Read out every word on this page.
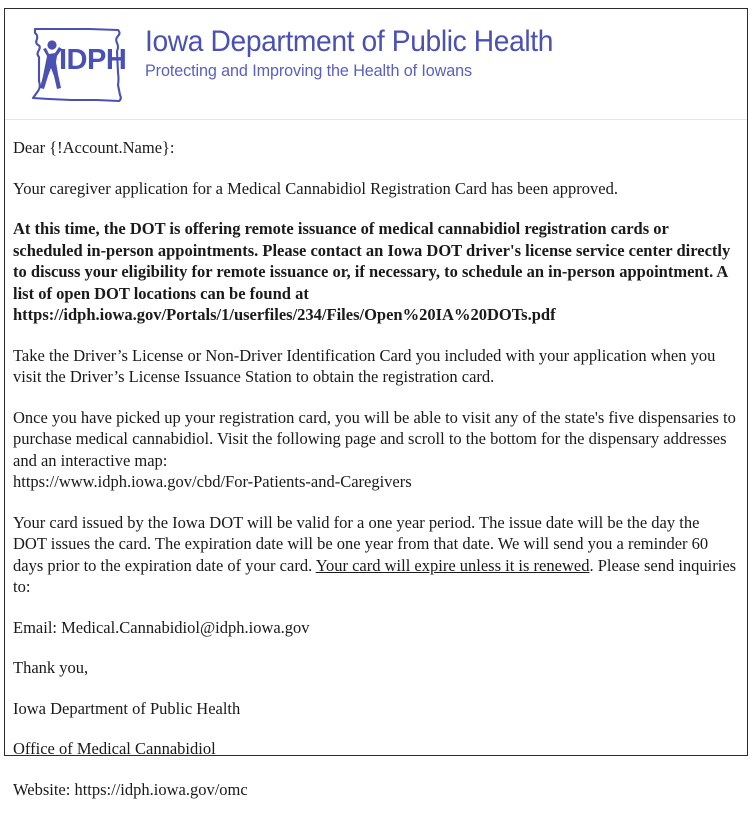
IDPH
Iowa Department of Public Health
Protecting and Improving the Health of Iowans

Dear {!Account.Name}:

Your caregiver application for a Medical Cannabidiol Registration Card has been approved.

At this time, the DOT is offering remote issuance of medical cannabidiol registration cards or scheduled in-person appointments. Please contact an Iowa DOT driver's license service center directly to discuss your eligibility for remote issuance or, if necessary, to schedule an in-person appointment. A list of open DOT locations can be found at https://idph.iowa.gov/Portals/1/userfiles/234/Files/Open%20IA%20DOTs.pdf

Take the Driver’s License or Non-Driver Identification Card you included with your application when you visit the Driver’s License Issuance Station to obtain the registration card.

Once you have picked up your registration card, you will be able to visit any of the state's five dispensaries to purchase medical cannabidiol. Visit the following page and scroll to the bottom for the dispensary addresses and an interactive map:
https://www.idph.iowa.gov/cbd/For-Patients-and-Caregivers

Your card issued by the Iowa DOT will be valid for a one year period. The issue date will be the day the DOT issues the card. The expiration date will be one year from that date. We will send you a reminder 60 days prior to the expiration date of your card. Your card will expire unless it is renewed. Please send inquiries to:

Email: Medical.Cannabidiol@idph.iowa.gov

Thank you,

Iowa Department of Public Health

Office of Medical Cannabidiol

Website: https://idph.iowa.gov/omc
